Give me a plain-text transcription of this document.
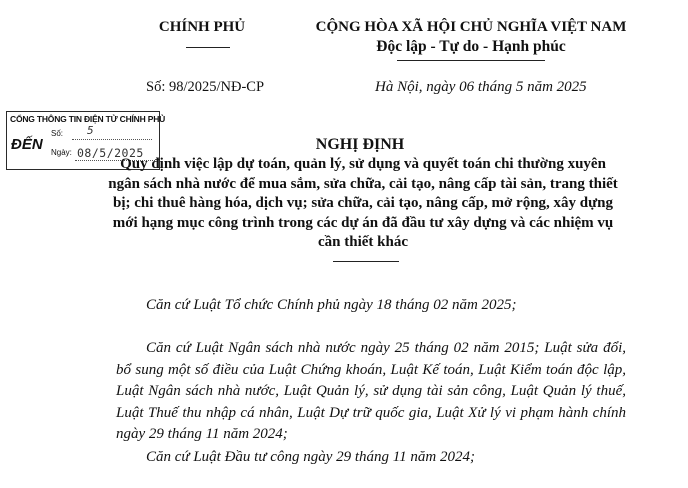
CHÍNH PHỦ	CỘNG HÒA XÃ HỘI CHỦ NGHĨA VIỆT NAM
Độc lập - Tự do - Hạnh phúc
Số: 98/2025/NĐ-CP	Hà Nội, ngày 06 tháng 5 năm 2025
CỔNG THÔNG TIN ĐIỆN TỬ CHÍNH PHỦ
ĐẾN
Số: 5
Ngày: 08/5/2025	NGHỊ ĐỊNH
Quy định việc lập dự toán, quản lý, sử dụng và quyết toán chi thường xuyên ngân sách nhà nước để mua sắm, sửa chữa, cải tạo, nâng cấp tài sản, trang thiết bị; chi thuê hàng hóa, dịch vụ; sửa chữa, cải tạo, nâng cấp, mở rộng, xây dựng mới hạng mục công trình trong các dự án đã đầu tư xây dựng và các nhiệm vụ cần thiết khác
Căn cứ Luật Tổ chức Chính phủ ngày 18 tháng 02 năm 2025;
Căn cứ Luật Ngân sách nhà nước ngày 25 tháng 02 năm 2015; Luật sửa đổi, bổ sung một số điều của Luật Chứng khoán, Luật Kế toán, Luật Kiểm toán độc lập, Luật Ngân sách nhà nước, Luật Quản lý, sử dụng tài sản công, Luật Quản lý thuế, Luật Thuế thu nhập cá nhân, Luật Dự trữ quốc gia, Luật Xử lý vi phạm hành chính ngày 29 tháng 11 năm 2024;
Căn cứ Luật Đầu tư công ngày 29 tháng 11 năm 2024;
